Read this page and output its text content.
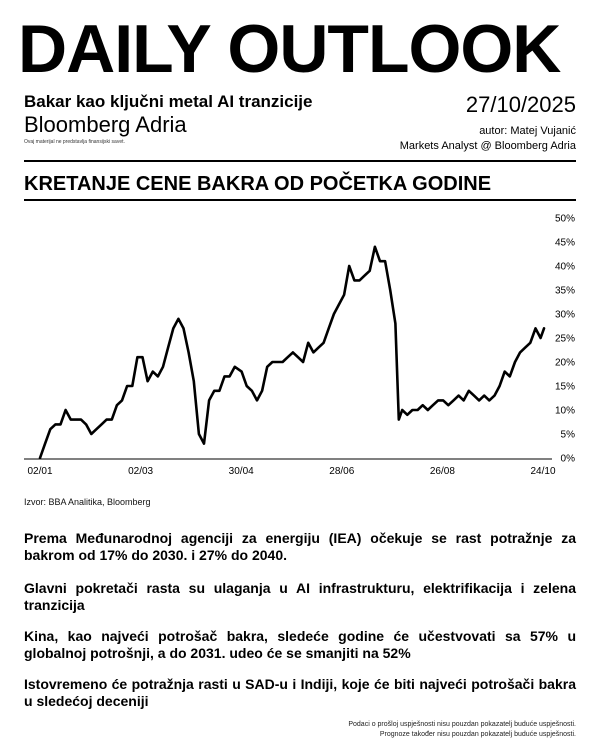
DAILY OUTLOOK
Bakar kao ključni metal AI tranzicije
Bloomberg Adria
Ovaj materijal ne predstavlja finansijski savet.
27/10/2025
autor: Matej Vujanić
Markets Analyst @ Bloomberg Adria
KRETANJE CENE BAKRA OD POČETKA GODINE
0%
5%
10%
15%
20%
25%
30%
35%
40%
45%
50%
02/01	02/03	30/04	28/06	26/08	24/10
Izvor: BBA Analitika, Bloomberg
Prema Međunarodnoj agenciji za energiju (IEA) očekuje se rast potražnje za bakrom od 17% do 2030. i 27% do 2040.
Glavni pokretači rasta su ulaganja u AI infrastrukturu, elektrifikacija i zelena tranzicija
Kina, kao najveći potrošač bakra, sledeće godine će učestvovati sa 57% u globalnoj potrošnji, a do 2031. udeo će se smanjiti na 52%
Istovremeno će potražnja rasti u SAD-u i Indiji, koje će biti najveći potrošači bakra u sledećoj deceniji
Podaci o prošloj uspješnosti nisu pouzdan pokazatelj buduće uspješnosti.
Prognoze također nisu pouzdan pokazatelj buduće uspješnosti.
